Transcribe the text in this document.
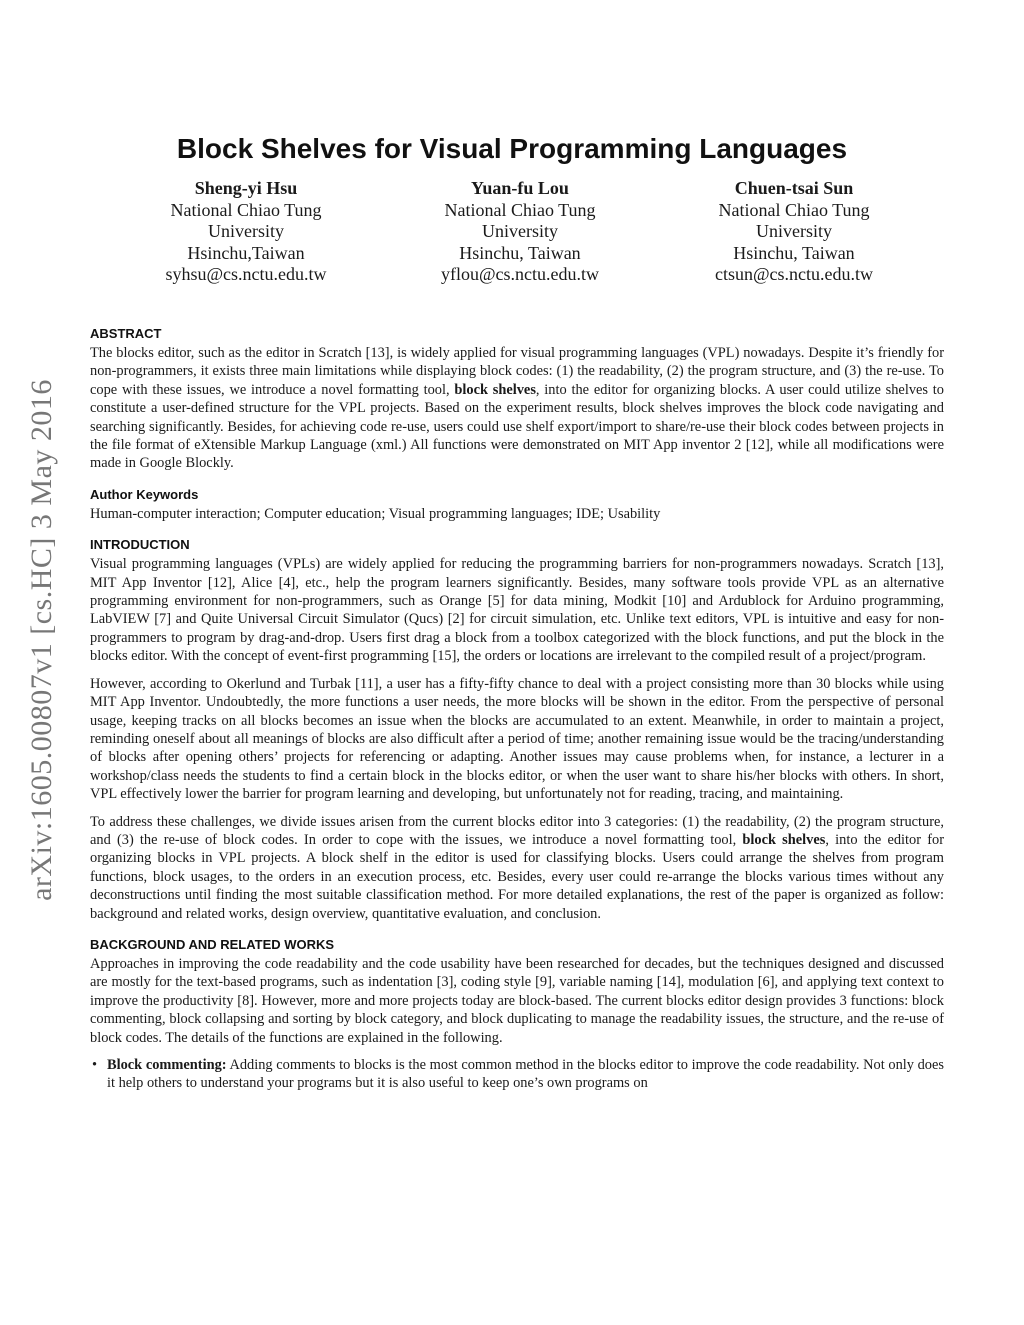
arXiv:1605.00807v1 [cs.HC] 3 May 2016
Block Shelves for Visual Programming Languages
Sheng-yi Hsu
National Chiao Tung
University
Hsinchu,Taiwan
syhsu@cs.nctu.edu.tw
Yuan-fu Lou
National Chiao Tung
University
Hsinchu, Taiwan
yflou@cs.nctu.edu.tw
Chuen-tsai Sun
National Chiao Tung
University
Hsinchu, Taiwan
ctsun@cs.nctu.edu.tw
ABSTRACT

The blocks editor, such as the editor in Scratch [13], is widely applied for visual programming languages (VPL) nowadays. Despite it’s friendly for non-programmers, it exists three main limitations while displaying block codes: (1) the readability, (2) the program structure, and (3) the re-use. To cope with these issues, we introduce a novel formatting tool, block shelves, into the editor for organizing blocks. A user could utilize shelves to constitute a user-defined structure for the VPL projects. Based on the experiment results, block shelves improves the block code navigating and searching significantly. Besides, for achieving code re-use, users could use shelf export/import to share/re-use their block codes between projects in the file format of eXtensible Markup Language (xml.) All functions were demonstrated on MIT App inventor 2 [12], while all modifications were made in Google Blockly.

Author Keywords

Human-computer interaction; Computer education; Visual programming languages; IDE; Usability

INTRODUCTION

Visual programming languages (VPLs) are widely applied for reducing the programming barriers for non-programmers nowadays. Scratch [13], MIT App Inventor [12], Alice [4], etc., help the program learners significantly. Besides, many software tools provide VPL as an alternative programming environment for non-programmers, such as Orange [5] for data mining, Modkit [10] and Ardublock for Arduino programming, LabVIEW [7] and Quite Universal Circuit Simulator (Qucs) [2] for circuit simulation, etc. Unlike text editors, VPL is intuitive and easy for non-programmers to program by drag-and-drop. Users first drag a block from a toolbox categorized with the block functions, and put the block in the blocks editor. With the concept of event-first programming [15], the orders or locations are irrelevant to the compiled result of a project/program.

However, according to Okerlund and Turbak [11], a user has a fifty-fifty chance to deal with a project consisting more than 30 blocks while using MIT App Inventor. Undoubtedly, the more functions a user needs, the more blocks will be shown in the editor. From the perspective of personal usage, keeping tracks on all blocks becomes an issue when the blocks are accumulated to an extent. Meanwhile, in order to maintain a project, reminding oneself about all meanings of blocks are also difficult after a period of time; another remaining issue would be the tracing/understanding of blocks after opening others’ projects for referencing or adapting. Another issues may cause problems when, for instance, a lecturer in a workshop/class needs the students to find a certain block in the blocks editor, or when the user want to share his/her blocks with others. In short, VPL effectively lower the barrier for program learning and developing, but unfortunately not for reading, tracing, and maintaining.

To address these challenges, we divide issues arisen from the current blocks editor into 3 categories: (1) the readability, (2) the program structure, and (3) the re-use of block codes. In order to cope with the issues, we introduce a novel formatting tool, block shelves, into the editor for organizing blocks in VPL projects. A block shelf in the editor is used for classifying blocks. Users could arrange the shelves from program functions, block usages, to the orders in an execution process, etc. Besides, every user could re-arrange the blocks various times without any deconstructions until finding the most suitable classification method. For more detailed explanations, the rest of the paper is organized as follow: background and related works, design overview, quantitative evaluation, and conclusion.

BACKGROUND AND RELATED WORKS

Approaches in improving the code readability and the code usability have been researched for decades, but the techniques designed and discussed are mostly for the text-based programs, such as indentation [3], coding style [9], variable naming [14], modulation [6], and applying text context to improve the productivity [8]. However, more and more projects today are block-based. The current blocks editor design provides 3 functions: block commenting, block collapsing and sorting by block category, and block duplicating to manage the readability issues, the structure, and the re-use of block codes. The details of the functions are explained in the following.

• Block commenting: Adding comments to blocks is the most common method in the blocks editor to improve the code readability. Not only does it help others to understand your programs but it is also useful to keep one’s own programs on
